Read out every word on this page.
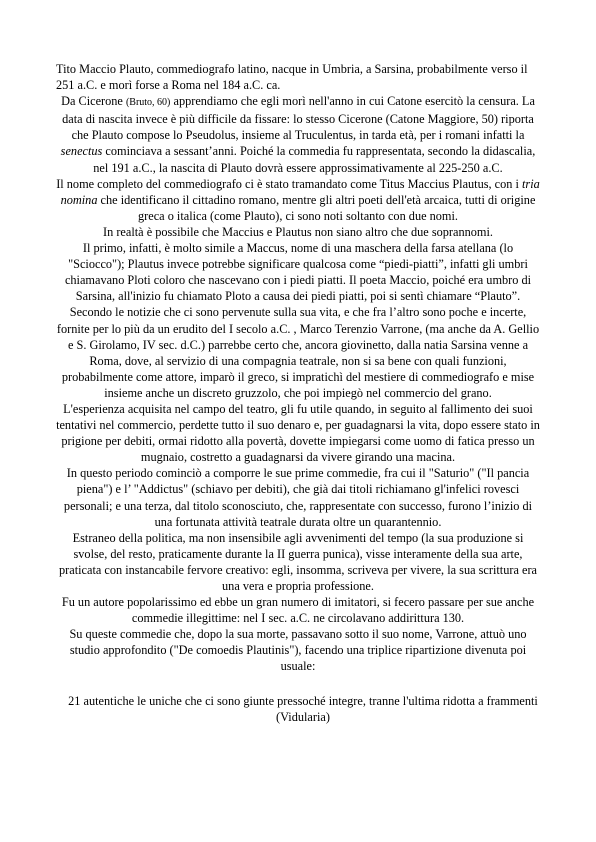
Tito Maccio Plauto, commediografo latino, nacque in Umbria, a Sarsina, probabilmente verso il 251 a.C. e morì forse a Roma nel 184 a.C. ca.

Da Cicerone (Bruto, 60) apprendiamo che egli morì nell'anno in cui Catone esercitò la censura. La data di nascita invece è più difficile da fissare: lo stesso Cicerone (Catone Maggiore, 50) riporta che Plauto compose lo Pseudolus, insieme al Truculentus, in tarda età, per i romani infatti la senectus cominciava a sessant’anni. Poiché la commedia fu rappresentata, secondo la didascalia, nel 191 a.C., la nascita di Plauto dovrà essere approssimativamente al 225-250 a.C.

Il nome completo del commediografo ci è stato tramandato come Titus Maccius Plautus, con i tria nomina che identificano il cittadino romano, mentre gli altri poeti dell'età arcaica, tutti di origine greca o italica (come Plauto), ci sono noti soltanto con due nomi.

In realtà è possibile che Maccius e Plautus non siano altro che due soprannomi.

Il primo, infatti, è molto simile a Maccus, nome di una maschera della farsa atellana (lo "Sciocco"); Plautus invece potrebbe significare qualcosa come “piedi-piatti”, infatti gli umbri chiamavano Ploti coloro che nascevano con i piedi piatti. Il poeta Maccio, poiché era umbro di Sarsina, all'inizio fu chiamato Ploto a causa dei piedi piatti, poi si sentì chiamare “Plauto”.

Secondo le notizie che ci sono pervenute sulla sua vita, e che fra l’altro sono poche e incerte, fornite per lo più da un erudito del I secolo a.C. , Marco Terenzio Varrone, (ma anche da A. Gellio e S. Girolamo, IV sec. d.C.) parrebbe certo che, ancora giovinetto, dalla natia Sarsina venne a Roma, dove, al servizio di una compagnia teatrale, non si sa bene con quali funzioni, probabilmente come attore, imparò il greco, si impratichì del mestiere di commediografo e mise insieme anche un discreto gruzzolo, che poi impiegò nel commercio del grano.

L'esperienza acquisita nel campo del teatro, gli fu utile quando, in seguito al fallimento dei suoi tentativi nel commercio, perdette tutto il suo denaro e, per guadagnarsi la vita, dopo essere stato in prigione per debiti, ormai ridotto alla povertà, dovette impiegarsi come uomo di fatica presso un mugnaio, costretto a guadagnarsi da vivere girando una macina.

In questo periodo cominciò a comporre le sue prime commedie, fra cui il "Saturio" ("Il pancia piena") e l’ "Addictus" (schiavo per debiti), che già dai titoli richiamano gl'infelici rovesci personali; e una terza, dal titolo sconosciuto, che, rappresentate con successo, furono l’inizio di una fortunata attività teatrale durata oltre un quarantennio.

Estraneo della politica, ma non insensibile agli avvenimenti del tempo (la sua produzione si svolse, del resto, praticamente durante la II guerra punica), visse interamente della sua arte, praticata con instancabile fervore creativo: egli, insomma, scriveva per vivere, la sua scrittura era una vera e propria professione.

Fu un autore popolarissimo ed ebbe un gran numero di imitatori, si fecero passare per sue anche commedie illegittime: nel I sec. a.C. ne circolavano addirittura 130.

Su queste commedie che, dopo la sua morte, passavano sotto il suo nome, Varrone, attuò uno studio approfondito ("De comoedis Plautinis"), facendo una triplice ripartizione divenuta poi usuale:

21 autentiche le uniche che ci sono giunte pressoché integre, tranne l'ultima ridotta a frammenti (Vidularia)
